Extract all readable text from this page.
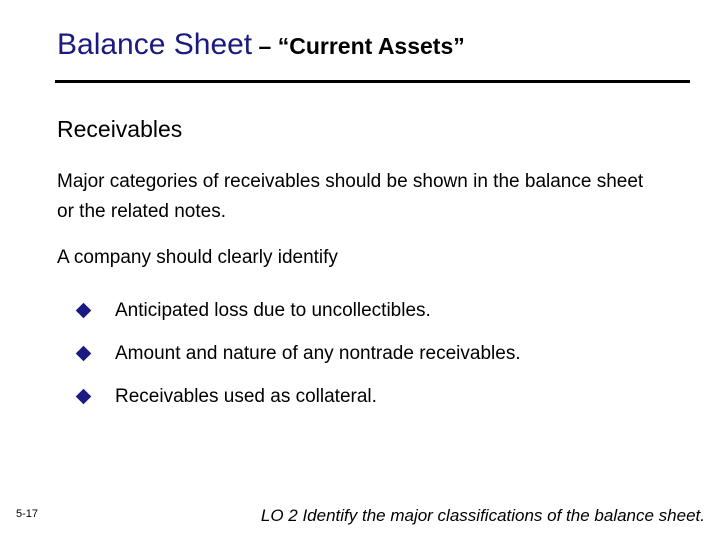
Balance Sheet – “Current Assets”
Receivables
Major categories of receivables should be shown in the balance sheet or the related notes.
A company should clearly identify
Anticipated loss due to uncollectibles.
Amount and nature of any nontrade receivables.
Receivables used as collateral.
5-17	LO 2 Identify the major classifications of the balance sheet.
